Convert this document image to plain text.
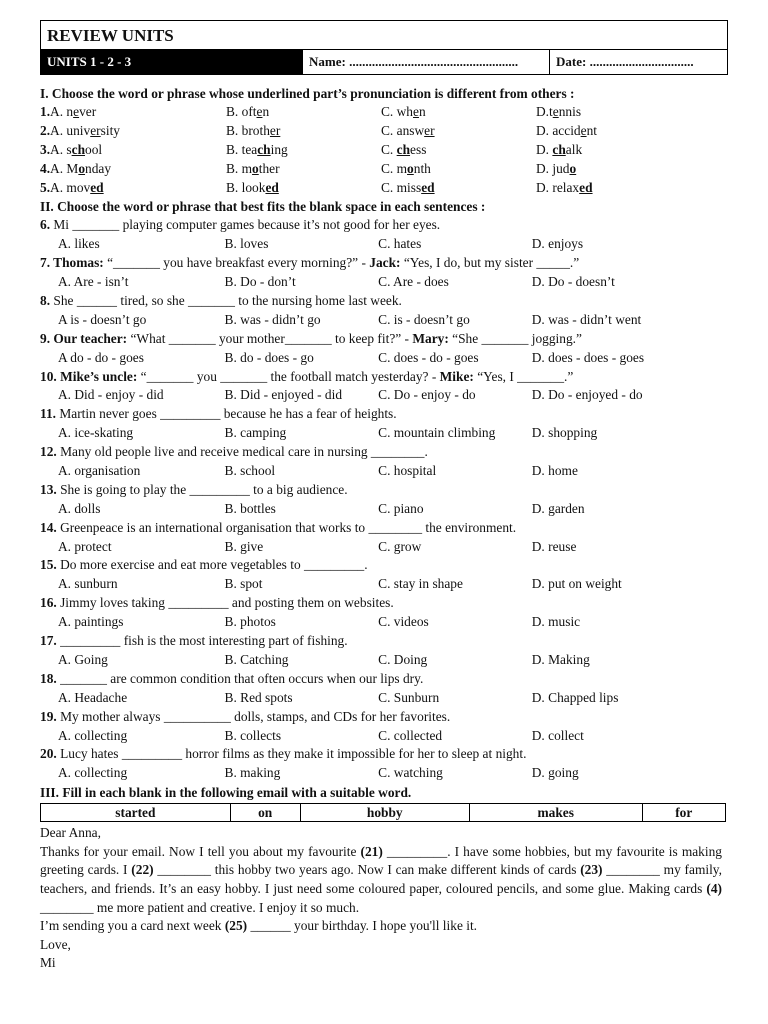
REVIEW UNITS
UNITS 1 - 2 - 3	Name: ....................................................	Date: ................................
I. Choose the word or phrase whose underlined part’s pronunciation is different from others :
1.A. never	B. often	C. when	D.tennis
2.A. university	B. brother	C. answer	D. accident
3.A. school	B. teaching	C. chess	D. chalk
4.A. Monday	B. mother	C. month	D. judo
5.A. moved	B. looked	C. missed	D. relaxed
II. Choose the word or phrase that best fits the blank space in each sentences :
6. Mi _______ playing computer games because it’s not good for her eyes.
A. likes	B. loves	C. hates	D. enjoys
7. Thomas: “_______ you have breakfast every morning?” - Jack: “Yes, I do, but my sister _____.”
A. Are - isn’t	B. Do - don’t	C. Are - does	D. Do - doesn’t
8. She ______ tired, so she _______ to the nursing home last week.
A is - doesn’t go	B. was - didn’t go	C. is - doesn’t go	D. was - didn’t went
9. Our teacher: “What _______ your mother_______ to keep fit?” - Mary: “She _______ jogging.”
A do - do - goes	B. do - does - go	C. does - do - goes	D. does - does - goes
10. Mike’s uncle: “_______ you _______ the football match yesterday? - Mike: “Yes, I _______.”
A. Did - enjoy - did	B. Did - enjoyed - did	C. Do - enjoy - do	D. Do - enjoyed - do
11. Martin never goes _________ because he has a fear of heights.
A. ice-skating	B. camping	C. mountain climbing	D. shopping
12. Many old people live and receive medical care in nursing ________.
A. organisation	B. school	C. hospital	D. home
13. She is going to play the _________ to a big audience.
A. dolls	B. bottles	C. piano	D. garden
14. Greenpeace is an international organisation that works to ________ the environment.
A. protect	B. give	C. grow	D. reuse
15. Do more exercise and eat more vegetables to _________.
A. sunburn	B. spot	C. stay in shape	D. put on weight
16. Jimmy loves taking _________ and posting them on websites.
A. paintings	B. photos	C. videos	D. music
17. _________ fish is the most interesting part of fishing.
A. Going	B. Catching	C. Doing	D. Making
18. _______ are common condition that often occurs when our lips dry.
A. Headache	B. Red spots	C. Sunburn	D. Chapped lips
19. My mother always __________ dolls, stamps, and CDs for her favorites.
A. collecting	B. collects	C. collected	D. collect
20. Lucy hates _________ horror films as they make it impossible for her to sleep at night.
A. collecting	B. making	C. watching	D. going
III. Fill in each blank in the following email with a suitable word.
started	on	hobby	makes	for

Dear Anna,

Thanks for your email. Now I tell you about my favourite (21) _________. I have some hobbies, but my favourite is making greeting cards. I (22) ________ this hobby two years ago. Now I can make different kinds of cards (23) ________ my family, teachers, and friends. It’s an easy hobby. I just need some coloured paper, coloured pencils, and some glue. Making cards (4) ________ me more patient and creative. I enjoy it so much.

I’m sending you a card next week (25) ______ your birthday. I hope you'll like it.

Love,

Mi
